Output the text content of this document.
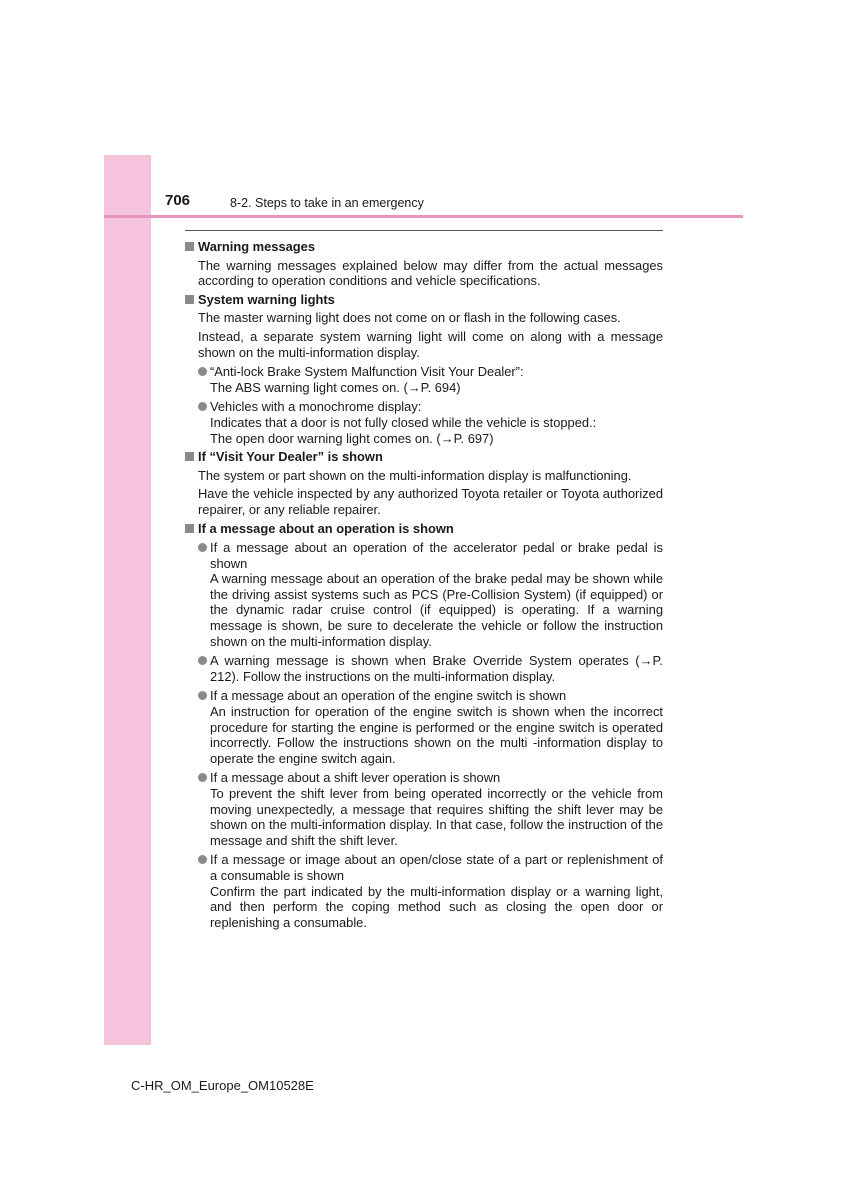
706	8-2. Steps to take in an emergency
Warning messages
The warning messages explained below may differ from the actual messages according to operation conditions and vehicle specifications.
System warning lights
The master warning light does not come on or flash in the following cases.
Instead, a separate system warning light will come on along with a message shown on the multi-information display.
“Anti-lock Brake System Malfunction Visit Your Dealer”:
The ABS warning light comes on. (→P. 694)
Vehicles with a monochrome display:
Indicates that a door is not fully closed while the vehicle is stopped.:
The open door warning light comes on. (→P. 697)
If “Visit Your Dealer” is shown
The system or part shown on the multi-information display is malfunctioning.
Have the vehicle inspected by any authorized Toyota retailer or Toyota authorized repairer, or any reliable repairer.
If a message about an operation is shown
If a message about an operation of the accelerator pedal or brake pedal is shown
A warning message about an operation of the brake pedal may be shown while the driving assist systems such as PCS (Pre-Collision System) (if equipped) or the dynamic radar cruise control (if equipped) is operating. If a warning message is shown, be sure to decelerate the vehicle or follow the instruction shown on the multi-information display.
A warning message is shown when Brake Override System operates (→P. 212). Follow the instructions on the multi-information display.
If a message about an operation of the engine switch is shown
An instruction for operation of the engine switch is shown when the incorrect procedure for starting the engine is performed or the engine switch is operated incorrectly. Follow the instructions shown on the multi -information display to operate the engine switch again.
If a message about a shift lever operation is shown
To prevent the shift lever from being operated incorrectly or the vehicle from moving unexpectedly, a message that requires shifting the shift lever may be shown on the multi-information display. In that case, follow the instruction of the message and shift the shift lever.
If a message or image about an open/close state of a part or replenishment of a consumable is shown
Confirm the part indicated by the multi-information display or a warning light, and then perform the coping method such as closing the open door or replenishing a consumable.
C-HR_OM_Europe_OM10528E
